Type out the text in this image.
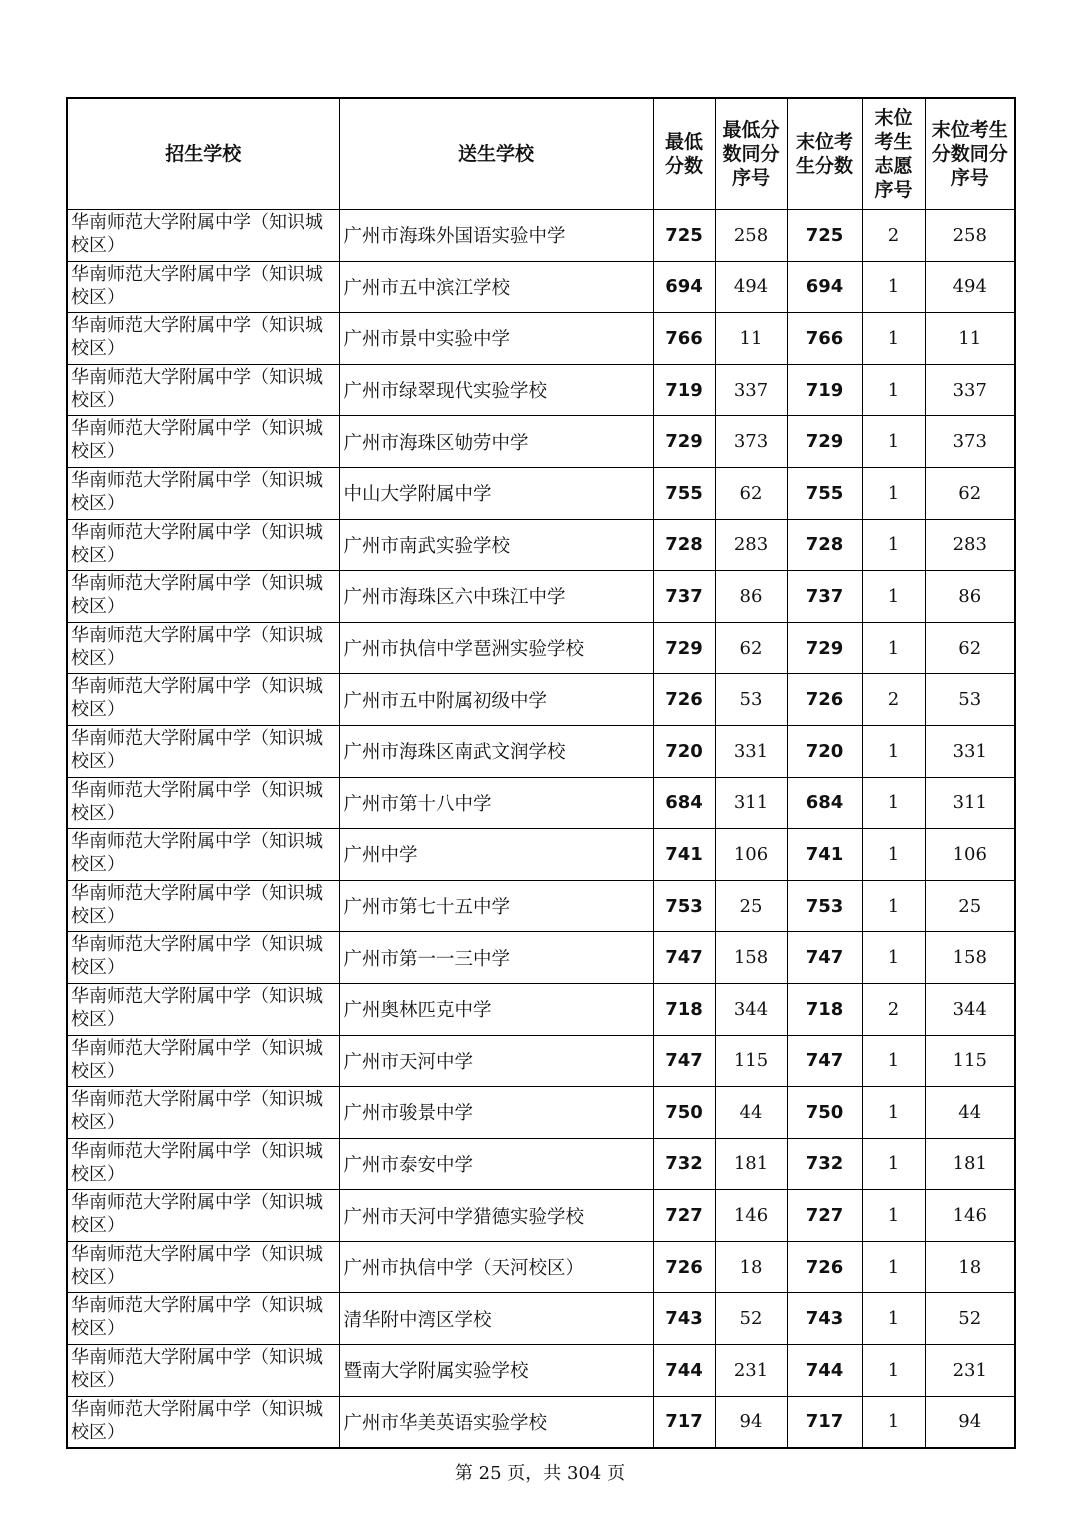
招生学校	送生学校	最低分数	最低分数同分序号	末位考生分数	末位考生志愿序号	末位考生分数同分序号
华南师范大学附属中学（知识城校区）	广州市海珠外国语实验中学	725	258	725	2	258
华南师范大学附属中学（知识城校区）	广州市五中滨江学校	694	494	694	1	494
华南师范大学附属中学（知识城校区）	广州市景中实验中学	766	11	766	1	11
华南师范大学附属中学（知识城校区）	广州市绿翠现代实验学校	719	337	719	1	337
华南师范大学附属中学（知识城校区）	广州市海珠区劬劳中学	729	373	729	1	373
华南师范大学附属中学（知识城校区）	中山大学附属中学	755	62	755	1	62
华南师范大学附属中学（知识城校区）	广州市南武实验学校	728	283	728	1	283
华南师范大学附属中学（知识城校区）	广州市海珠区六中珠江中学	737	86	737	1	86
华南师范大学附属中学（知识城校区）	广州市执信中学琶洲实验学校	729	62	729	1	62
华南师范大学附属中学（知识城校区）	广州市五中附属初级中学	726	53	726	2	53
华南师范大学附属中学（知识城校区）	广州市海珠区南武文润学校	720	331	720	1	331
华南师范大学附属中学（知识城校区）	广州市第十八中学	684	311	684	1	311
华南师范大学附属中学（知识城校区）	广州中学	741	106	741	1	106
华南师范大学附属中学（知识城校区）	广州市第七十五中学	753	25	753	1	25
华南师范大学附属中学（知识城校区）	广州市第一一三中学	747	158	747	1	158
华南师范大学附属中学（知识城校区）	广州奥林匹克中学	718	344	718	2	344
华南师范大学附属中学（知识城校区）	广州市天河中学	747	115	747	1	115
华南师范大学附属中学（知识城校区）	广州市骏景中学	750	44	750	1	44
华南师范大学附属中学（知识城校区）	广州市泰安中学	732	181	732	1	181
华南师范大学附属中学（知识城校区）	广州市天河中学猎德实验学校	727	146	727	1	146
华南师范大学附属中学（知识城校区）	广州市执信中学（天河校区）	726	18	726	1	18
华南师范大学附属中学（知识城校区）	清华附中湾区学校	743	52	743	1	52
华南师范大学附属中学（知识城校区）	暨南大学附属实验学校	744	231	744	1	231
华南师范大学附属中学（知识城校区）	广州市华美英语实验学校	717	94	717	1	94
第 25 页，共 304 页
